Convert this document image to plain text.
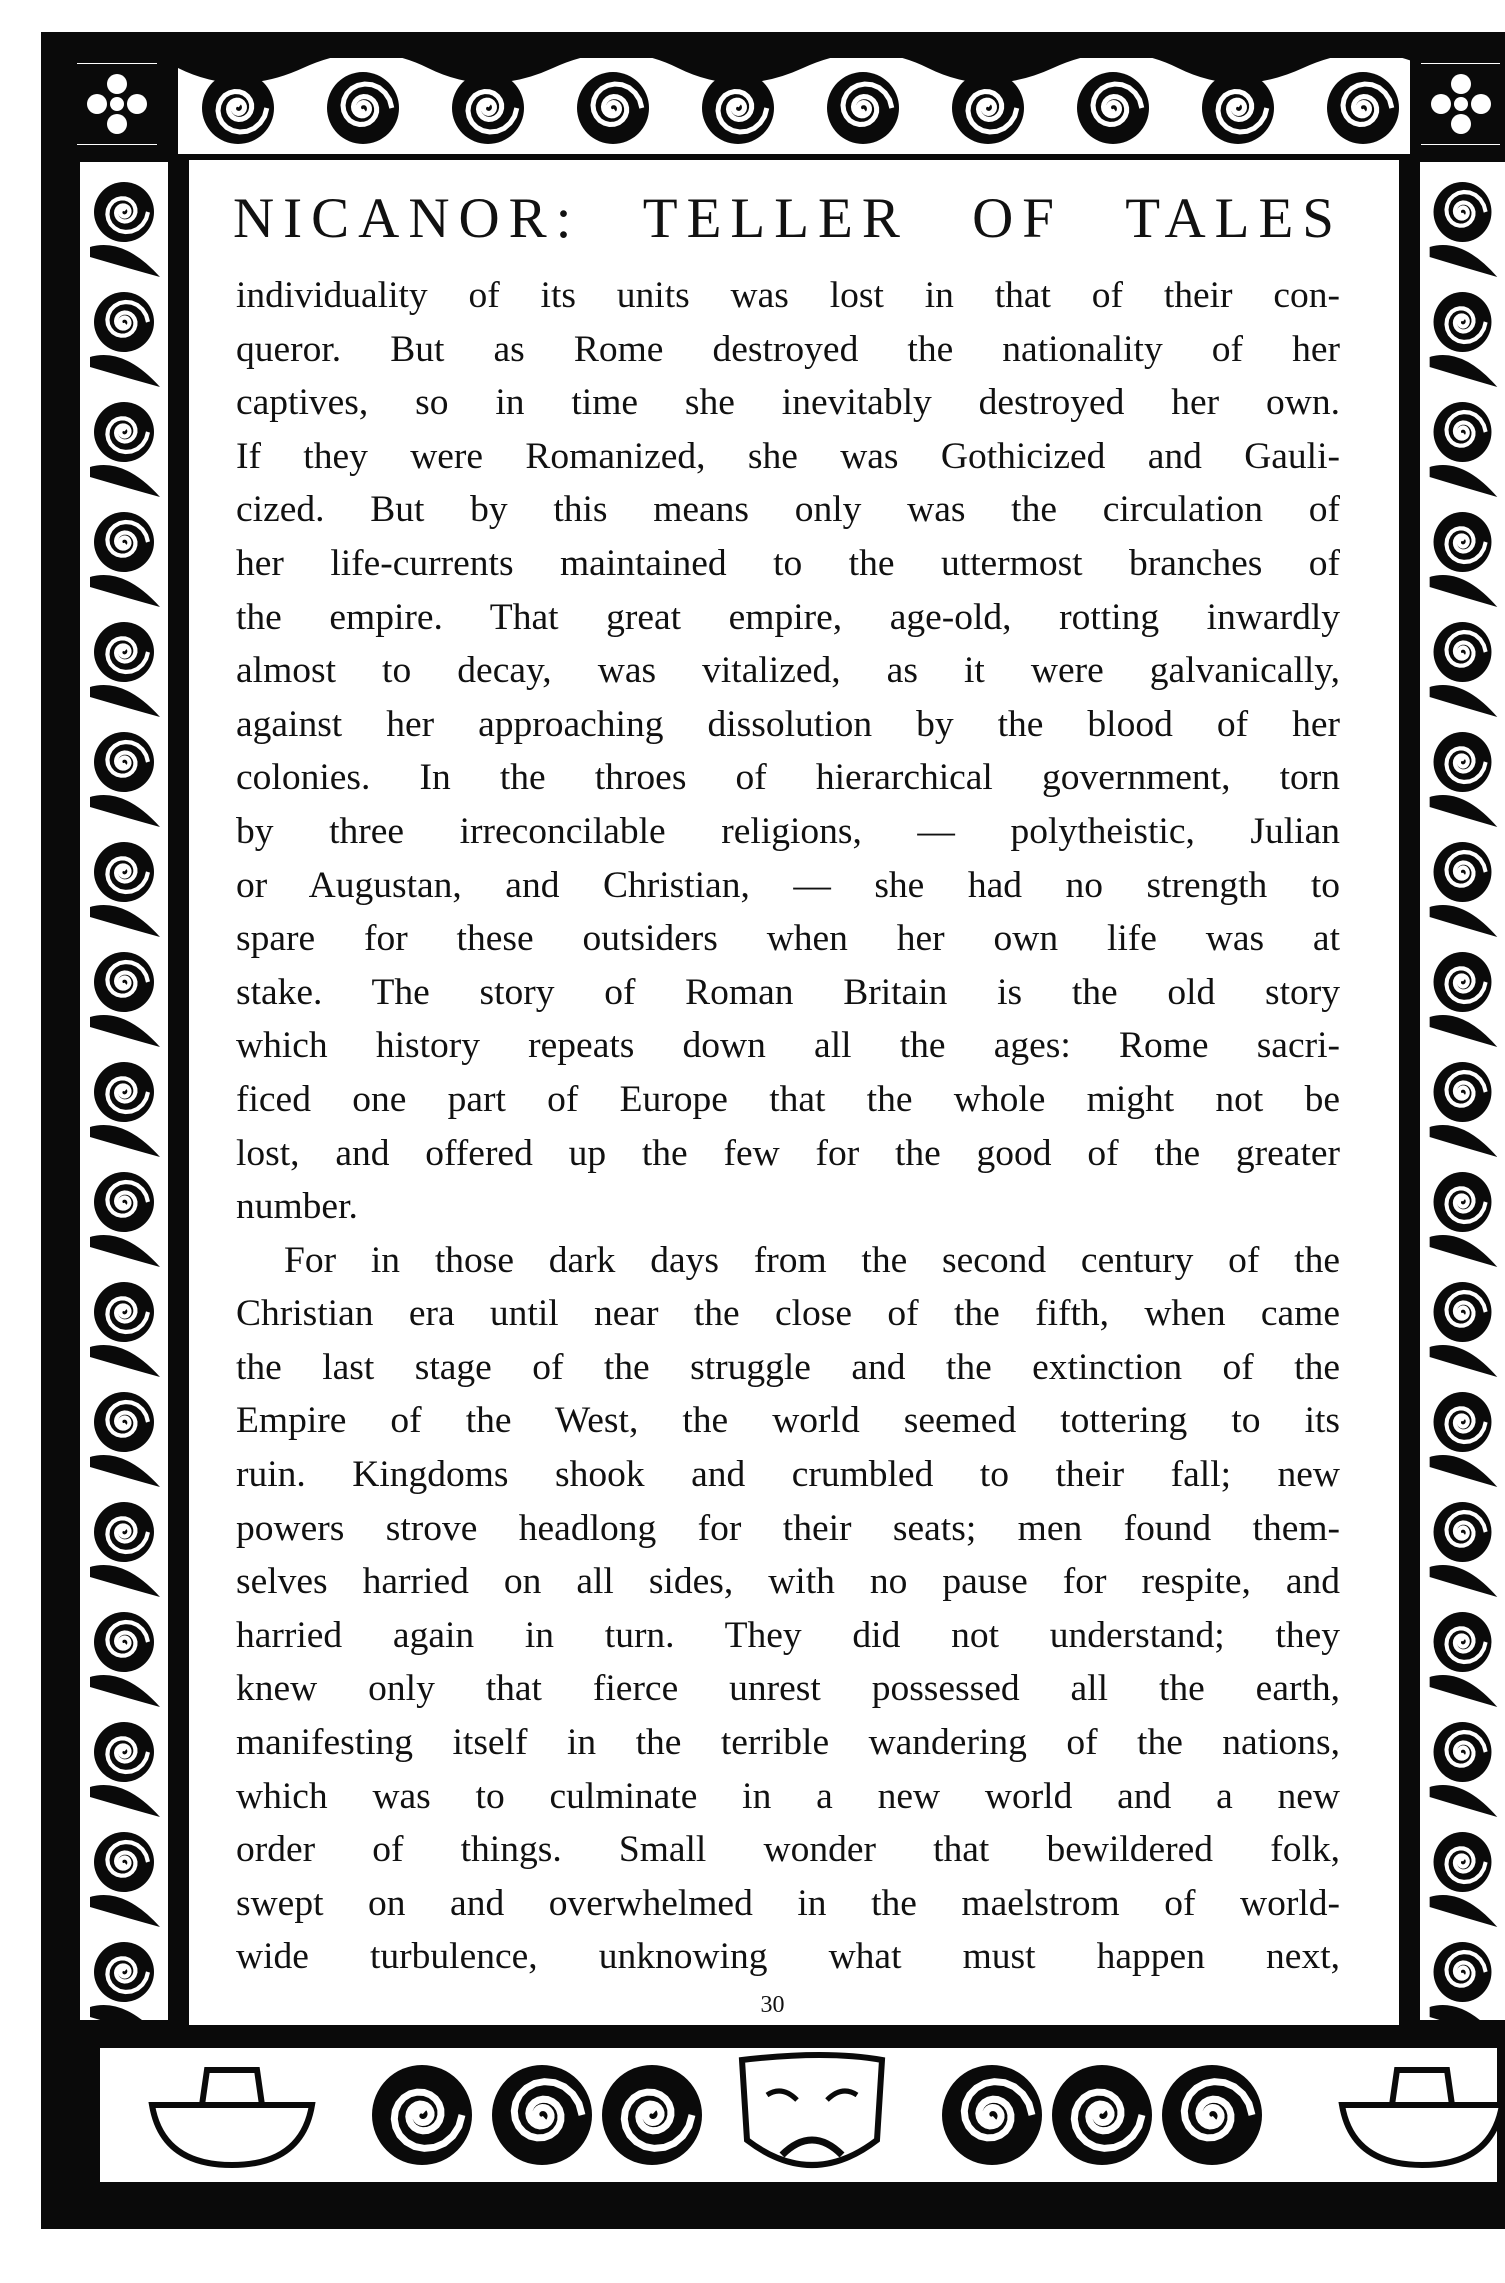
NICANOR: TELLER OF TALES
individuality of its units was lost in that of their con-
queror. But as Rome destroyed the nationality of her
captives, so in time she inevitably destroyed her own.
If they were Romanized, she was Gothicized and Gauli-
cized. But by this means only was the circulation of
her life-currents maintained to the uttermost branches of
the empire. That great empire, age-old, rotting inwardly
almost to decay, was vitalized, as it were galvanically,
against her approaching dissolution by the blood of her
colonies. In the throes of hierarchical government, torn
by three irreconcilable religions, — polytheistic, Julian
or Augustan, and Christian, — she had no strength to
spare for these outsiders when her own life was at
stake. The story of Roman Britain is the old story
which history repeats down all the ages: Rome sacri-
ficed one part of Europe that the whole might not be
lost, and offered up the few for the good of the greater
number.
For in those dark days from the second century of the
Christian era until near the close of the fifth, when came
the last stage of the struggle and the extinction of the
Empire of the West, the world seemed tottering to its
ruin. Kingdoms shook and crumbled to their fall; new
powers strove headlong for their seats; men found them-
selves harried on all sides, with no pause for respite, and
harried again in turn. They did not understand; they
knew only that fierce unrest possessed all the earth,
manifesting itself in the terrible wandering of the nations,
which was to culminate in a new world and a new
order of things. Small wonder that bewildered folk,
swept on and overwhelmed in the maelstrom of world-
wide turbulence, unknowing what must happen next,
30
